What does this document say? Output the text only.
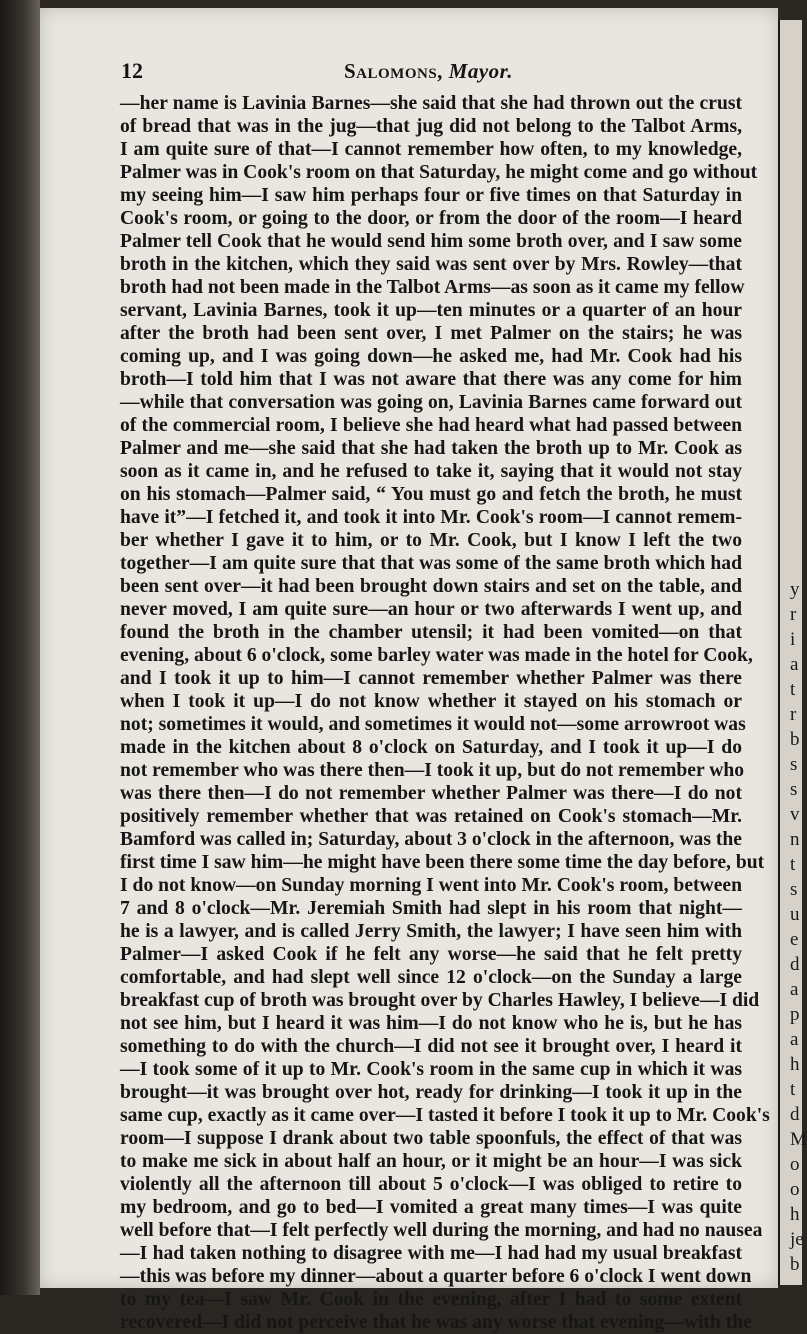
y
r
i
a
t
r
b
s
s
v
n
t
s
u
e
d
a
p
a
h
t
d
M
o
o
h
je
b
12	Salomons, Mayor.
—her name is Lavinia Barnes—she said that she had thrown out the crust
of bread that was in the jug—that jug did not belong to the Talbot Arms,
I am quite sure of that—I cannot remember how often, to my knowledge,
Palmer was in Cook's room on that Saturday, he might come and go without
my seeing him—I saw him perhaps four or five times on that Saturday in
Cook's room, or going to the door, or from the door of the room—I heard
Palmer tell Cook that he would send him some broth over, and I saw some
broth in the kitchen, which they said was sent over by Mrs. Rowley—that
broth had not been made in the Talbot Arms—as soon as it came my fellow
servant, Lavinia Barnes, took it up—ten minutes or a quarter of an hour
after the broth had been sent over, I met Palmer on the stairs; he was
coming up, and I was going down—he asked me, had Mr. Cook had his
broth—I told him that I was not aware that there was any come for him
—while that conversation was going on, Lavinia Barnes came forward out
of the commercial room, I believe she had heard what had passed between
Palmer and me—she said that she had taken the broth up to Mr. Cook as
soon as it came in, and he refused to take it, saying that it would not stay
on his stomach—Palmer said, “ You must go and fetch the broth, he must
have it”—I fetched it, and took it into Mr. Cook's room—I cannot remem-
ber whether I gave it to him, or to Mr. Cook, but I know I left the two
together—I am quite sure that that was some of the same broth which had
been sent over—it had been brought down stairs and set on the table, and
never moved, I am quite sure—an hour or two afterwards I went up, and
found the broth in the chamber utensil; it had been vomited—on that
evening, about 6 o'clock, some barley water was made in the hotel for Cook,
and I took it up to him—I cannot remember whether Palmer was there
when I took it up—I do not know whether it stayed on his stomach or
not; sometimes it would, and sometimes it would not—some arrowroot was
made in the kitchen about 8 o'clock on Saturday, and I took it up—I do
not remember who was there then—I took it up, but do not remember who
was there then—I do not remember whether Palmer was there—I do not
positively remember whether that was retained on Cook's stomach—Mr.
Bamford was called in; Saturday, about 3 o'clock in the afternoon, was the
first time I saw him—he might have been there some time the day before, but
I do not know—on Sunday morning I went into Mr. Cook's room, between
7 and 8 o'clock—Mr. Jeremiah Smith had slept in his room that night—
he is a lawyer, and is called Jerry Smith, the lawyer; I have seen him with
Palmer—I asked Cook if he felt any worse—he said that he felt pretty
comfortable, and had slept well since 12 o'clock—on the Sunday a large
breakfast cup of broth was brought over by Charles Hawley, I believe—I did
not see him, but I heard it was him—I do not know who he is, but he has
something to do with the church—I did not see it brought over, I heard it
—I took some of it up to Mr. Cook's room in the same cup in which it was
brought—it was brought over hot, ready for drinking—I took it up in the
same cup, exactly as it came over—I tasted it before I took it up to Mr. Cook's
room—I suppose I drank about two table spoonfuls, the effect of that was
to make me sick in about half an hour, or it might be an hour—I was sick
violently all the afternoon till about 5 o'clock—I was obliged to retire to
my bedroom, and go to bed—I vomited a great many times—I was quite
well before that—I felt perfectly well during the morning, and had no nausea
—I had taken nothing to disagree with me—I had had my usual breakfast
—this was before my dinner—about a quarter before 6 o'clock I went down
to my tea—I saw Mr. Cook in the evening, after I had to some extent
recovered—I did not perceive that he was any worse that evening—with the
